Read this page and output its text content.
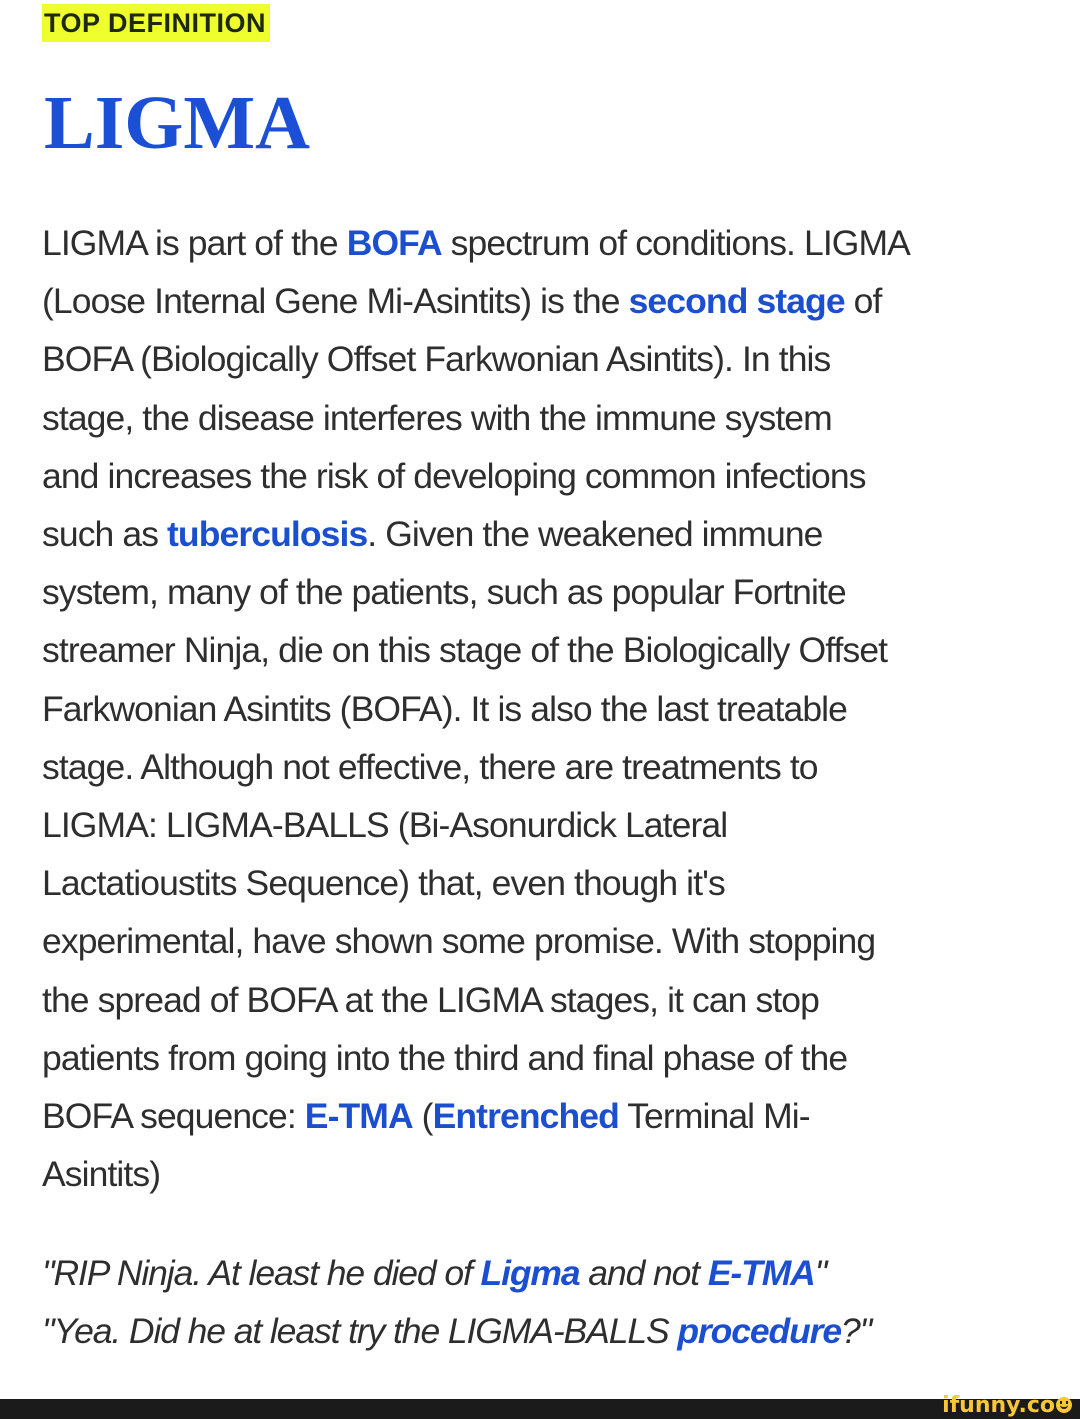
TOP DEFINITION
LIGMA
LIGMA is part of the BOFA spectrum of conditions. LIGMA
(Loose Internal Gene Mi-Asintits) is the second stage of
BOFA (Biologically Offset Farkwonian Asintits). In this
stage, the disease interferes with the immune system
and increases the risk of developing common infections
such as tuberculosis. Given the weakened immune
system, many of the patients, such as popular Fortnite
streamer Ninja, die on this stage of the Biologically Offset
Farkwonian Asintits (BOFA). It is also the last treatable
stage. Although not effective, there are treatments to
LIGMA: LIGMA-BALLS (Bi-Asonurdick Lateral
Lactatioustits Sequence) that, even though it's
experimental, have shown some promise. With stopping
the spread of BOFA at the LIGMA stages, it can stop
patients from going into the third and final phase of the
BOFA sequence: E-TMA (Entrenched Terminal Mi-
Asintits)
"RIP Ninja. At least he died of Ligma and not E-TMA"
"Yea. Did he at least try the LIGMA-BALLS procedure?"
ifunny.co
